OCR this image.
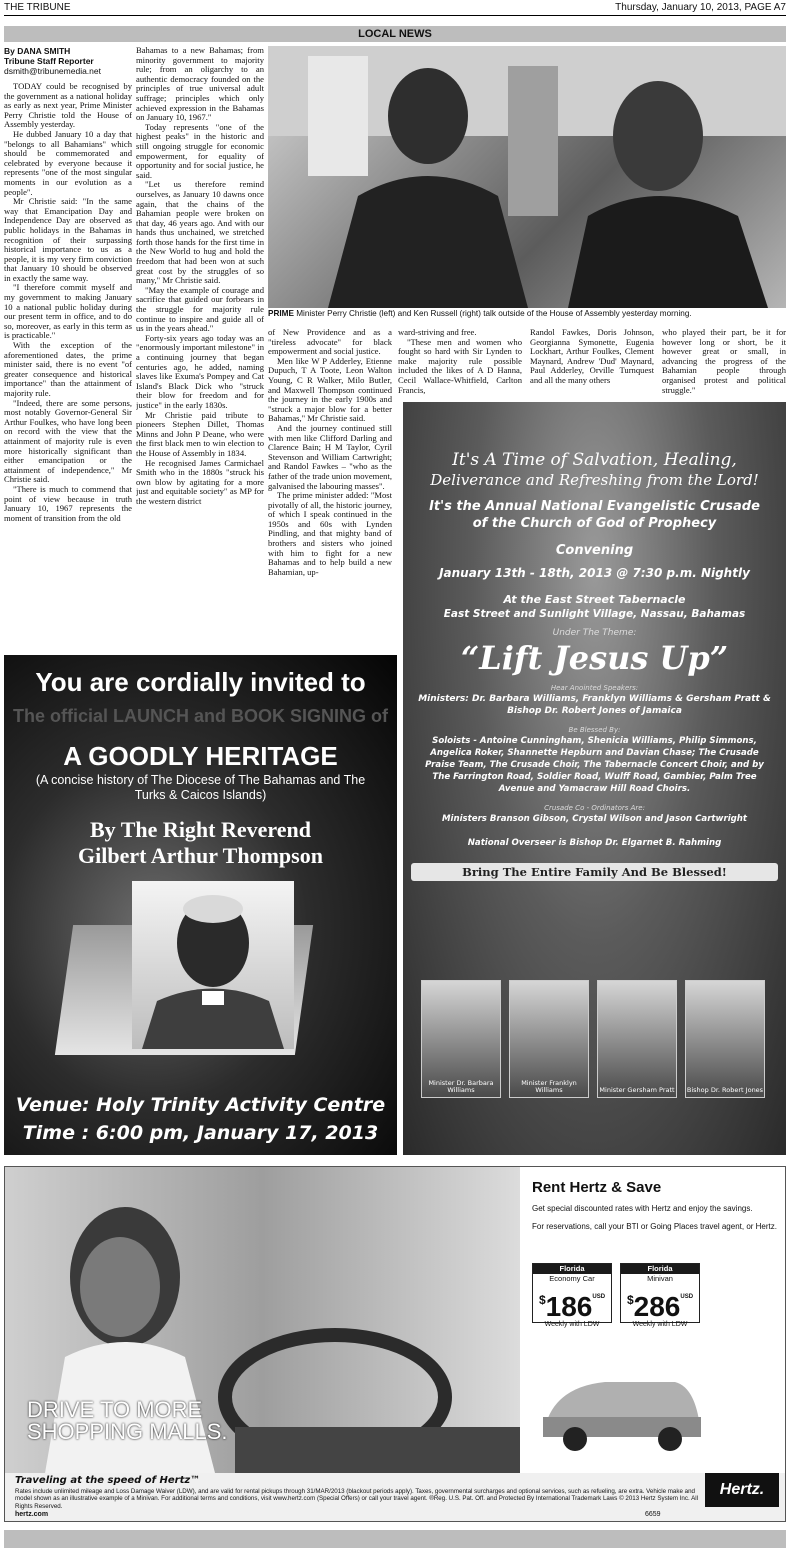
THE TRIBUNE	Thursday, January 10, 2013, PAGE A7
LOCAL NEWS
By DANA SMITH
Tribune Staff Reporter
dsmith@tribunemedia.net

TODAY could be recognised by the government as a national holiday as early as next year, Prime Minister Perry Christie told the House of Assembly yesterday.

He dubbed January 10 a day that "belongs to all Bahamians" which should be commemorated and celebrated by everyone because it represents "one of the most singular moments in our evolution as a people".

Mr Christie said: "In the same way that Emancipation Day and Independence Day are observed as public holidays in the Bahamas in recognition of their surpassing historical importance to us as a people, it is my very firm conviction that January 10 should be observed in exactly the same way.

"I therefore commit myself and my government to making January 10 a national public holiday during our present term in office, and to do so, moreover, as early in this term as is practicable."

With the exception of the aforementioned dates, the prime minister said, there is no event "of greater consequence and historical importance" than the attainment of majority rule.

"Indeed, there are some persons, most notably Governor-General Sir Arthur Foulkes, who have long been on record with the view that the attainment of majority rule is even more historically significant than either emancipation or the attainment of independence," Mr Christie said.

"There is much to commend that point of view because in truth January 10, 1967 represents the moment of transition from the old

Bahamas to a new Bahamas; from minority government to majority rule; from an oligarchy to an authentic democracy founded on the principles of true universal adult suffrage; principles which only achieved expression in the Bahamas on January 10, 1967."

Today represents "one of the highest peaks" in the historic and still ongoing struggle for economic empowerment, for equality of opportunity and for social justice, he said.

"Let us therefore remind ourselves, as January 10 dawns once again, that the chains of the Bahamian people were broken on that day, 46 years ago. And with our hands thus unchained, we stretched forth those hands for the first time in the New World to hug and hold the freedom that had been won at such great cost by the struggles of so many," Mr Christie said.

"May the example of courage and sacrifice that guided our forbears in the struggle for majority rule continue to inspire and guide all of us in the years ahead."

Forty-six years ago today was an "enormously important milestone" in a continuing journey that began centuries ago, he added, naming slaves like Exuma's Pompey and Cat Island's Black Dick who "struck their blow for freedom and for justice" in the early 1830s.

Mr Christie paid tribute to pioneers Stephen Dillet, Thomas Minns and John P Deane, who were the first black men to win election to the House of Assembly in 1834.

He recognised James Carmichael Smith who in the 1880s "struck his own blow by agitating for a more just and equitable society" as MP for the western district

PRIME Minister Perry Christie (left) and Ken Russell (right) talk outside of the House of Assembly yesterday morning.

of New Providence and as a "tireless advocate" for black empowerment and social justice.

Men like W P Adderley, Etienne Dupuch, T A Toote, Leon Walton Young, C R Walker, Milo Butler, and Maxwell Thompson continued the journey in the early 1900s and "struck a major blow for a better Bahamas," Mr Christie said.

And the journey continued still with men like Clifford Darling and Clarence Bain; H M Taylor, Cyril Stevenson and William Cartwright; and Randol Fawkes – "who as the father of the trade union movement, galvanised the labouring masses".

The prime minister added: "Most pivotally of all, the historic journey, of which I speak continued in the 1950s and 60s with Lynden Pindling, and that mighty band of brothers and sisters who joined with him to fight for a new Bahamas and to help build a new Bahamian, up-

ward-striving and free.

"These men and women who fought so hard with Sir Lynden to make majority rule possible included the likes of A D Hanna, Cecil Wallace-Whitfield, Carlton Francis,

Randol Fawkes, Doris Johnson, Georgianna Symonette, Eugenia Lockhart, Arthur Foulkes, Clement Maynard, Andrew 'Dud' Maynard, Paul Adderley, Orville Turnquest and all the many others

who played their part, be it for however long or short, be it however great or small, in advancing the progress of the Bahamian people through organised protest and political struggle."

You are cordially invited to
The official LAUNCH and BOOK SIGNING of
A GOODLY HERITAGE
(A concise history of The Diocese of The Bahamas and The Turks & Caicos Islands)
By The Right Reverend
Gilbert Arthur Thompson
Venue: Holy Trinity Activity Centre
Time : 6:00 pm, January 17, 2013
It's A Time of Salvation, Healing,
Deliverance and Refreshing from the Lord!
It's the Annual National Evangelistic Crusade
of the Church of God of Prophecy
Convening
January 13th - 18th, 2013 @ 7:30 p.m. Nightly
At the East Street Tabernacle
East Street and Sunlight Village, Nassau, Bahamas
Under The Theme:
“Lift Jesus Up”
Hear Anointed Speakers:
Ministers: Dr. Barbara Williams, Franklyn Williams & Gersham Pratt & Bishop Dr. Robert Jones of Jamaica
Be Blessed By:
Soloists - Antoine Cunningham, Shenicia Williams, Philip Simmons, Angelica Roker, Shannette Hepburn and Davian Chase; The Crusade Praise Team, The Crusade Choir, The Tabernacle Concert Choir, and by The Farrington Road, Soldier Road, Wulff Road, Gambier, Palm Tree Avenue and Yamacraw Hill Road Choirs.
Crusade Co - Ordinators Are:
Ministers Branson Gibson, Crystal Wilson and Jason Cartwright
National Overseer is Bishop Dr. Elgarnet B. Rahming
Bring The Entire Family And Be Blessed!
Minister Dr. Barbara Williams
Minister Franklyn Williams	Minister Gersham Pratt Bishop Dr. Robert Jones
DRIVE TO MORE
SHOPPING MALLS.
Rent Hertz & Save
Get special discounted rates with Hertz and enjoy the savings.
For reservations, call your BTI or Going Places travel agent, or Hertz.
Florida
Economy Car
$^{\$}186^{USD}$
Weekly with LDW
Florida
Minivan
$^{\$}286^{USD}$
Weekly with LDW
Traveling at the speed of Hertz™
Rates include unlimited mileage and Loss Damage Waiver (LDW), and are valid for rental pickups through 31/MAR/2013 (blackout periods apply). Taxes, governmental surcharges and optional services, such as refueling, are extra. Vehicle make and model shown as an illustrative example of a Minivan. For additional terms and conditions, visit www.hertz.com (Special Offers) or call your travel agent. ®Reg. U.S. Pat. Off. and Protected By International Trademark Laws © 2013 Hertz System Inc. All Rights Reserved.
hertz.com	6659
Hertz.
